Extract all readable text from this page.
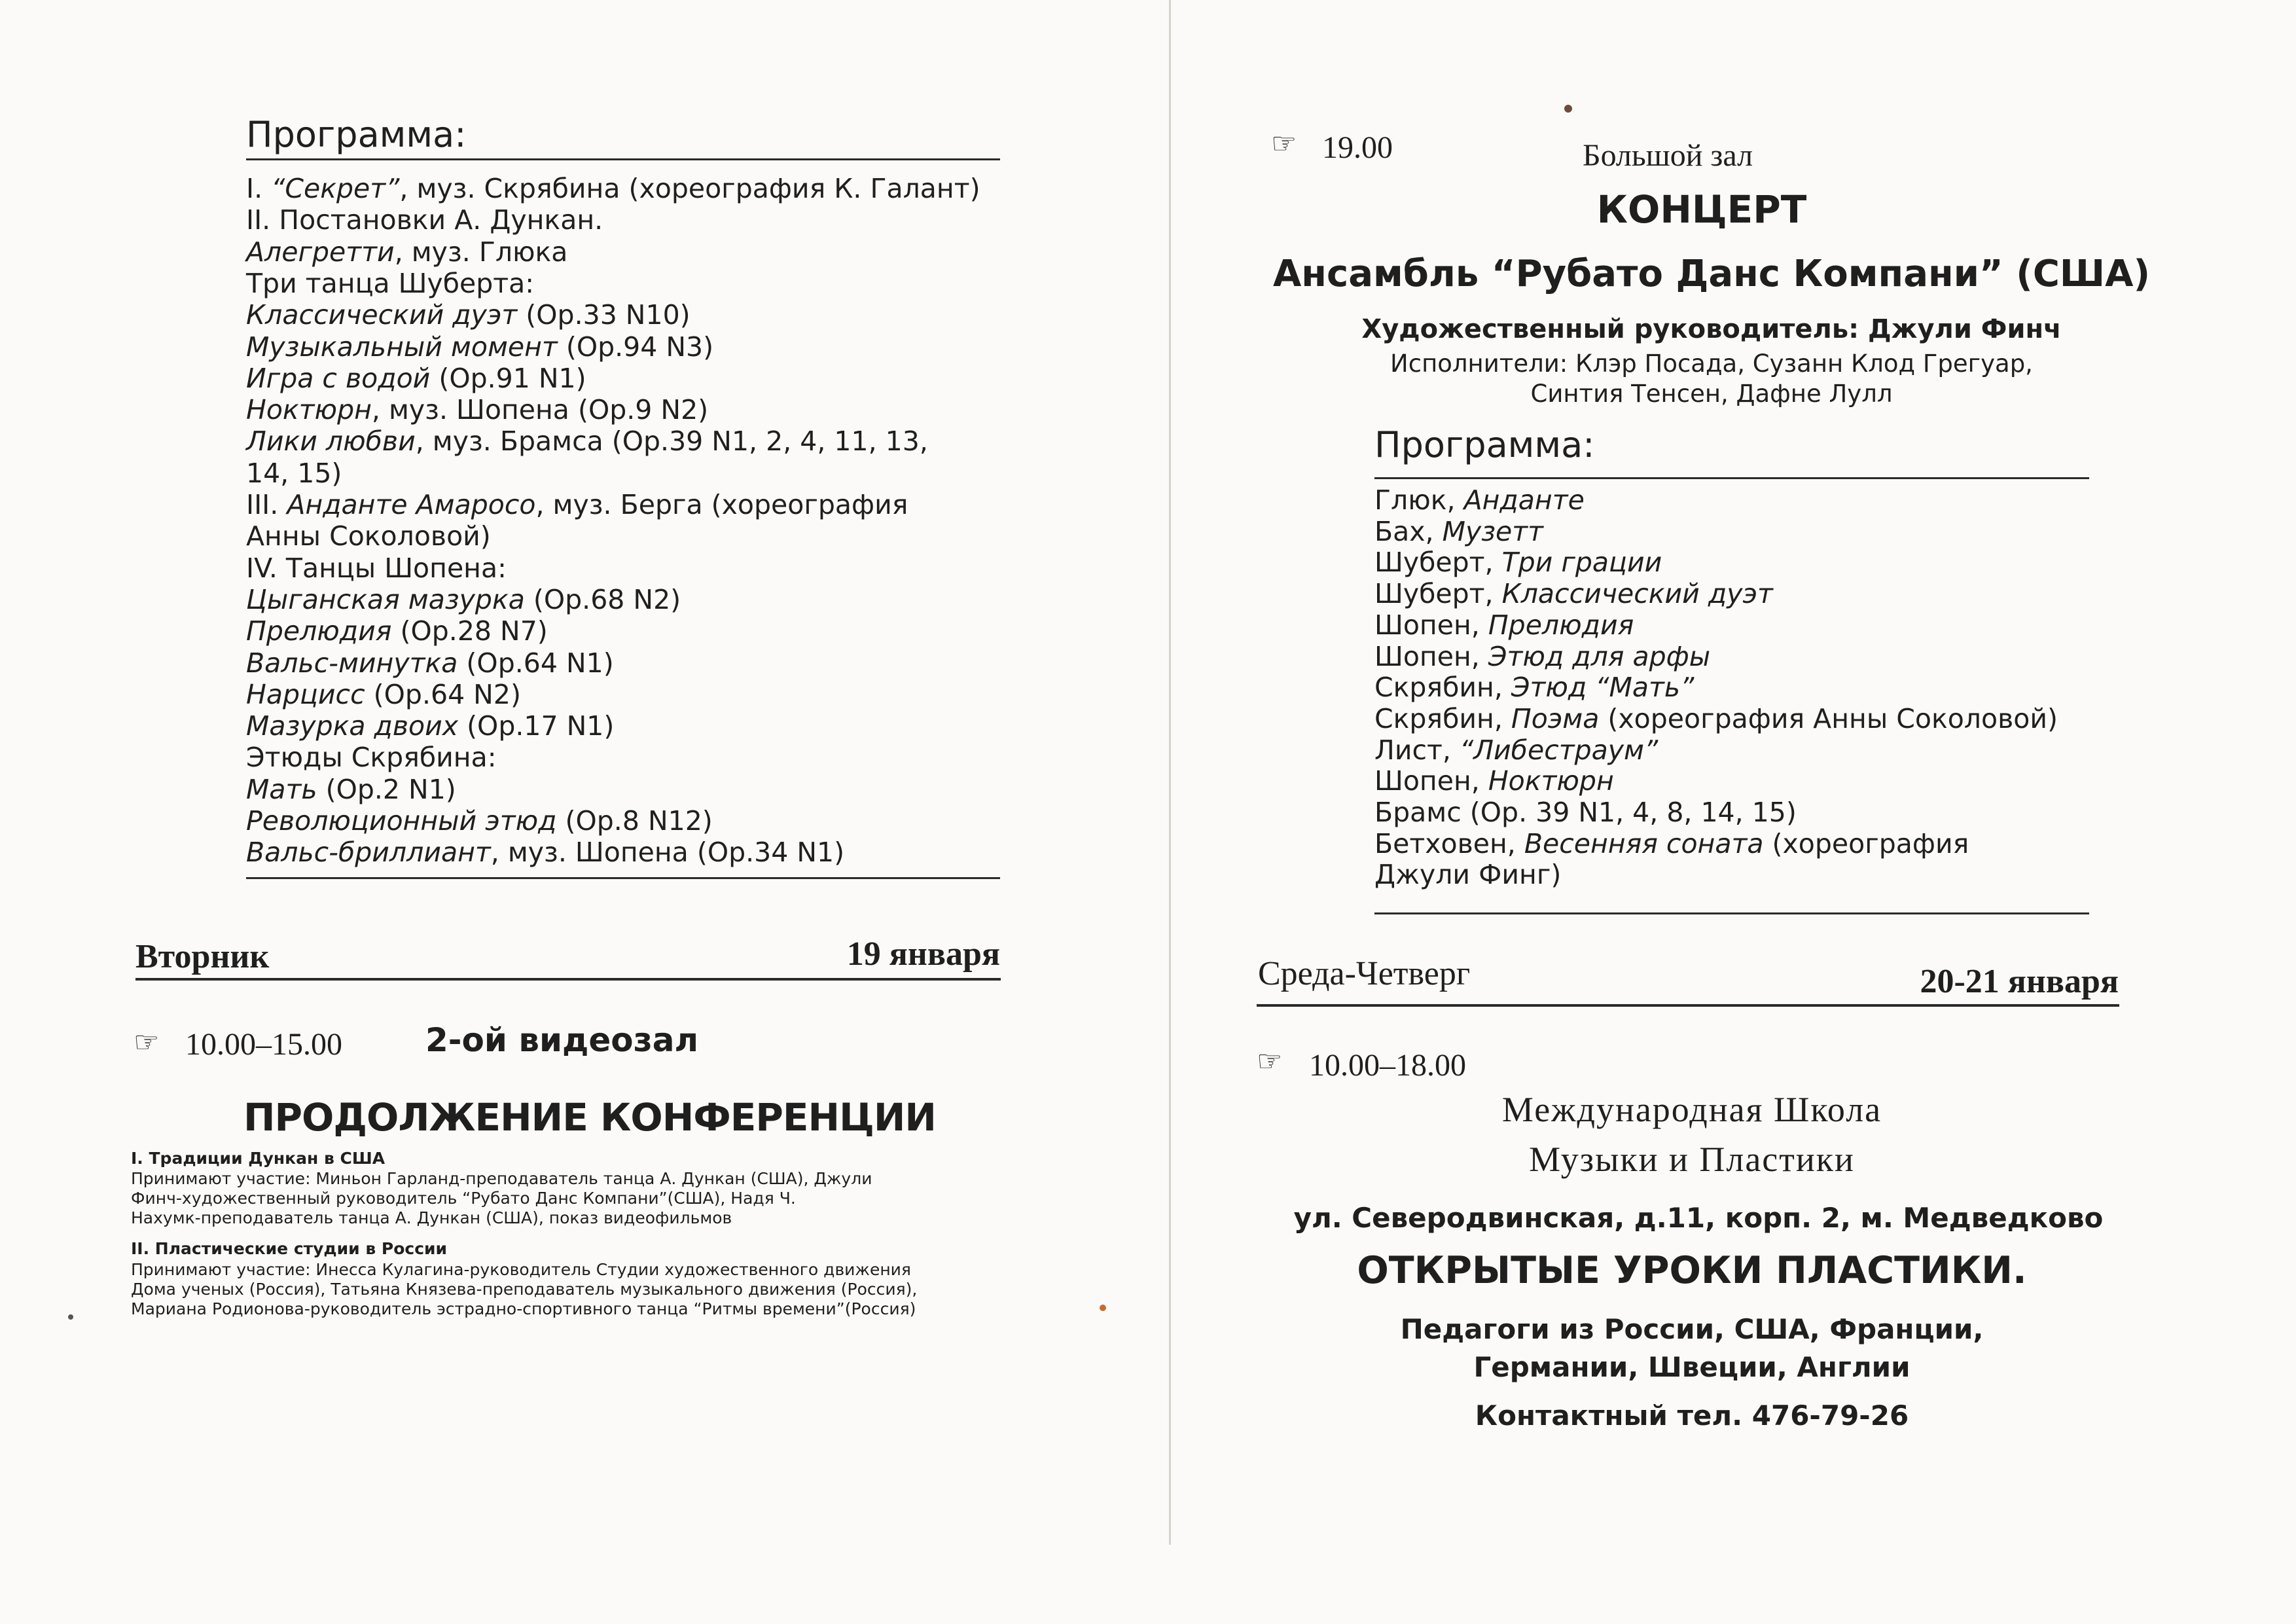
Программа:
I. “Секрет”, муз. Скрябина (хореография К. Галант)
II. Постановки А. Дункан.
Алегретти, муз. Глюка
Три танца Шуберта:
Классический дуэт (Op.33 N10)
Музыкальный момент (Op.94 N3)
Игра с водой (Op.91 N1)
Ноктюрн, муз. Шопена (Op.9 N2)
Лики любви, муз. Брамса (Op.39 N1, 2, 4, 11, 13,
14, 15)
III. Анданте Амаросо, муз. Берга (хореография
Анны Соколовой)
IV. Танцы Шопена:
Цыганская мазурка (Op.68 N2)
Прелюдия (Op.28 N7)
Вальс-минутка (Op.64 N1)
Нарцисс (Op.64 N2)
Мазурка двоих (Op.17 N1)
Этюды Скрябина:
Мать (Op.2 N1)
Революционный этюд (Op.8 N12)
Вальс-бриллиант, муз. Шопена (Op.34 N1)
Вторник	19 января
☞ 10.00–15.00	2-ой видеозал
ПРОДОЛЖЕНИЕ КОНФЕРЕНЦИИ
I. Традиции Дункан в США
Принимают участие: Миньон Гарланд-преподаватель танца А. Дункан (США), Джули
Финч-художественный руководитель “Рубато Данс Компани”(США), Надя Ч.
Нахумк-преподаватель танца А. Дункан (США), показ видеофильмов
II. Пластические студии в России
Принимают участие: Инесса Кулагина-руководитель Студии художественного движения
Дома ученых (Россия), Татьяна Князева-преподаватель музыкального движения (Россия),
Мариана Родионова-руководитель эстрадно-спортивного танца “Ритмы времени”(Россия)
☞ 19.00	Большой зал
КОНЦЕРТ
Ансамбль “Рубато Данс Компани” (США)
Художественный руководитель: Джули Финч
Исполнители: Клэр Посада, Сузанн Клод Грегуар,
Синтия Тенсен, Дафне Лулл
Программа:
Глюк, Анданте
Бах, Музетт
Шуберт, Три грации
Шуберт, Классический дуэт
Шопен, Прелюдия
Шопен, Этюд для арфы
Скрябин, Этюд “Мать”
Скрябин, Поэма (хореография Анны Соколовой)
Лист, “Либестраум”
Шопен, Ноктюрн
Брамс (Op. 39 N1, 4, 8, 14, 15)
Бетховен, Весенняя соната (хореография
Джули Финг)
Среда-Четверг	20-21 января
☞ 10.00–18.00
Международная Школа
Музыки и Пластики
ул. Северодвинская, д.11, корп. 2, м. Медведково
ОТКРЫТЫЕ УРОКИ ПЛАСТИКИ.
Педагоги из России, США, Франции,
Германии, Швеции, Англии
Контактный тел. 476-79-26
